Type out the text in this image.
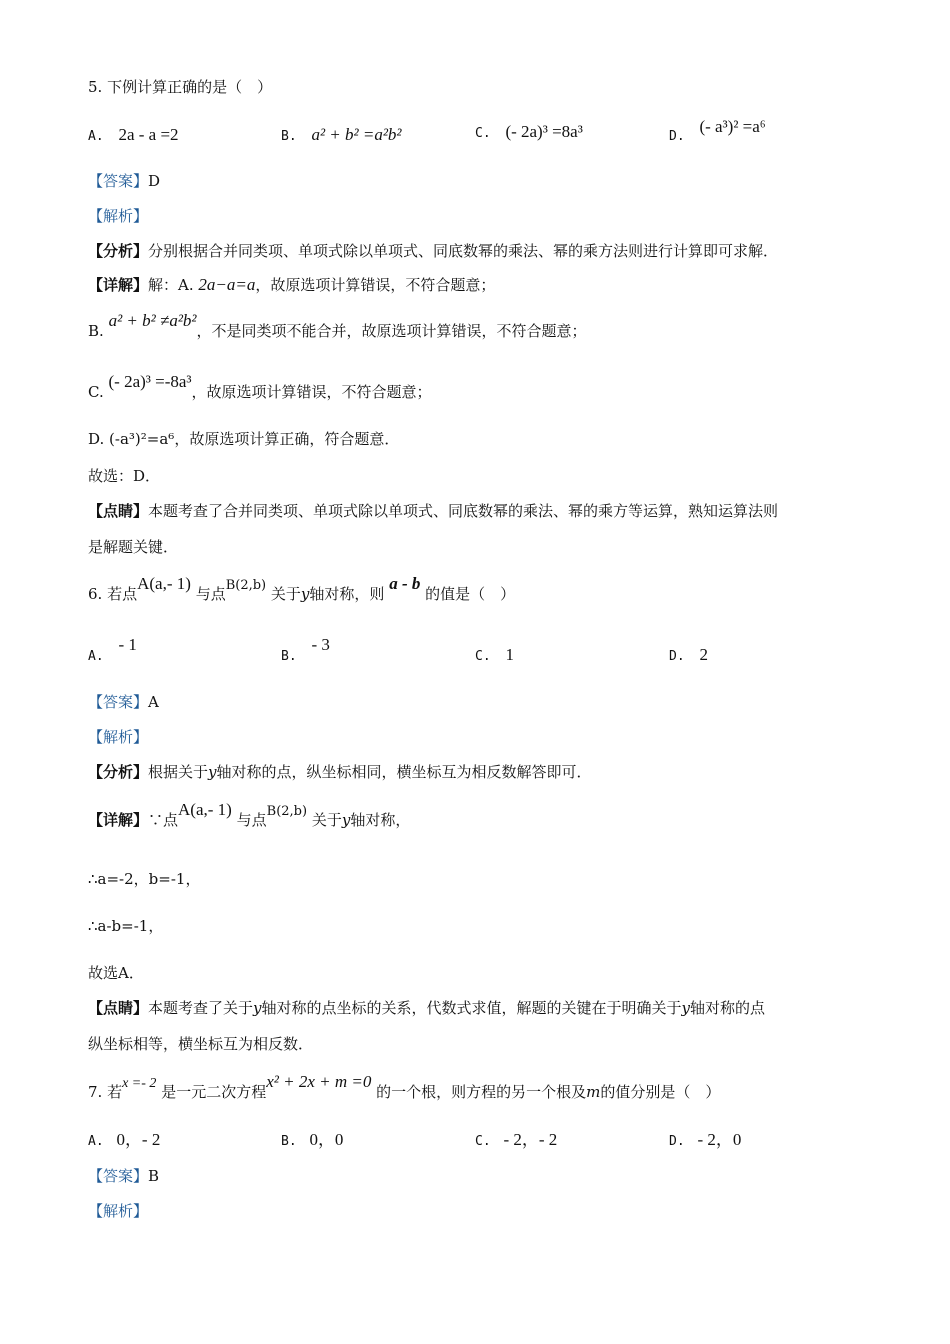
5. 下例计算正确的是（　）
A. 2a - a =2	B. a² + b² =a²b²	C. (- 2a)³ =8a³	D. (- a³)² =a⁶
【答案】D
【解析】
【分析】分别根据合并同类项、单项式除以单项式、同底数幂的乘法、幂的乘方法则进行计算即可求解．
【详解】解：A. 2a−a=a，故原选项计算错误，不符合题意；
B. a² + b² ≠a²b²，不是同类项不能合并，故原选项计算错误，不符合题意；
C. (- 2a)³ =-8a³，故原选项计算错误，不符合题意；
D. (-a³)²=a⁶，故原选项计算正确，符合题意．
故选：D．
【点睛】本题考查了合并同类项、单项式除以单项式、同底数幂的乘法、幂的乘方等运算，熟知运算法则
是解题关键．
6. 若点A(a,- 1) 与点B(2,b) 关于y轴对称，则 a - b 的值是（　）
A. - 1
B. - 3
C. 1	D. 2
【答案】A
【解析】
【分析】根据关于y轴对称的点，纵坐标相同，横坐标互为相反数解答即可．
【详解】∵点A(a,- 1) 与点B(2,b) 关于y轴对称，
∴a=-2，b=-1，
∴a-b=-1，
故选A．
【点睛】本题考查了关于y轴对称的点坐标的关系，代数式求值，解题的关键在于明确关于y轴对称的点
纵坐标相等，横坐标互为相反数．
7. 若x =- 2 是一元二次方程x² + 2x + m =0 的一个根，则方程的另一个根及m的值分别是（　）
A. 0，- 2	B. 0，0	C. - 2，- 2	D. - 2，0
【答案】B
【解析】
